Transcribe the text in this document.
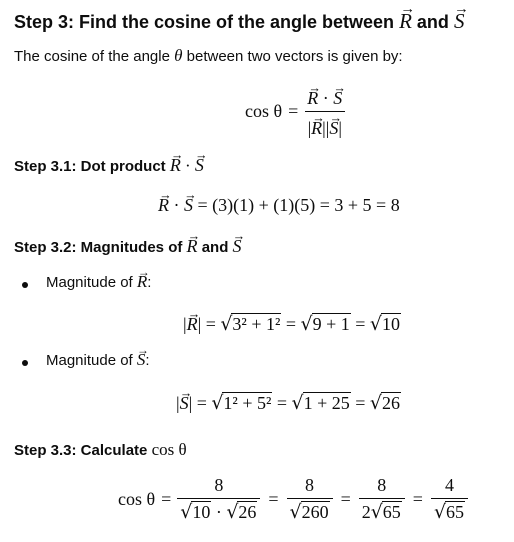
Step 3: Find the cosine of the angle between → R and → S
The cosine of the angle θ between two vectors is given by:
cos θ = → $\frac{R \cdot \to S}{|\to R||\to S|}$
Step 3.1: Dot product → R · → S
→ R · → S = (3)(1) + (1)(5) = 3 + 5 = 8
Step 3.2: Magnitudes of → R and → S
Magnitude of → R:
|→ R| = √3² + 1² = √9 + 1 = √10
Magnitude of → S:
|→ S| = √1² + 5² = √1 + 25 = √26
Step 3.3: Calculate cos θ
$\cos \theta = \frac{8}{√10 \cdot √26} = \frac{8}{√260} = \frac{8}{2√65} = \frac{4}{√65}$
